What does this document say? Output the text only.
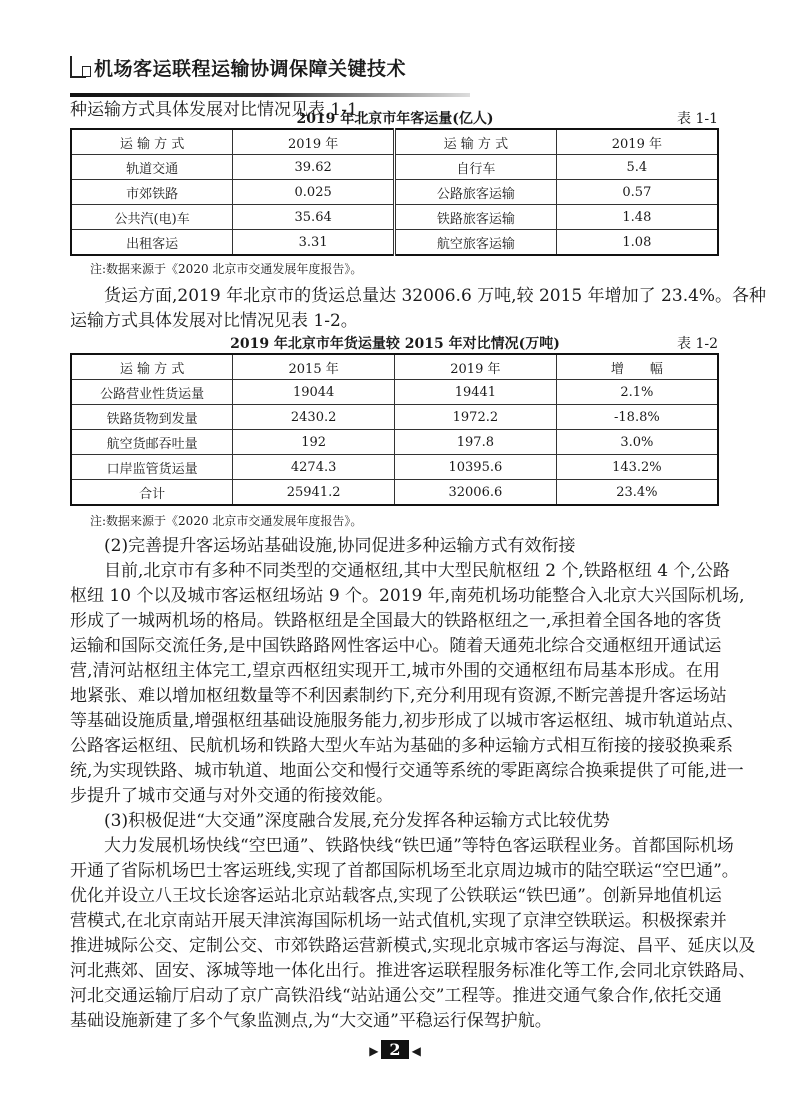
机场客运联程运输协调保障关键技术
种运输方式具体发展对比情况见表 1-1。
2019 年北京市年客运量(亿人)	表 1-1
运 输 方 式	2019 年	运 输 方 式	2019 年
轨道交通	39.62	自行车	5.4
市郊铁路	0.025	公路旅客运输	0.57
公共汽(电)车	35.64	铁路旅客运输	1.48
出租客运	3.31	航空旅客运输	1.08
注:数据来源于《2020 北京市交通发展年度报告》。
货运方面,2019 年北京市的货运总量达 32006.6 万吨,较 2015 年增加了 23.4%。各种
运输方式具体发展对比情况见表 1-2。
2019 年北京市年货运量较 2015 年对比情况(万吨)	表 1-2
运 输 方 式	2015 年	2019 年	增　　幅
公路营业性货运量	19044	19441	2.1%
铁路货物到发量	2430.2	1972.2	-18.8%
航空货邮吞吐量	192	197.8	3.0%
口岸监管货运量	4274.3	10395.6	143.2%
合计	25941.2	32006.6	23.4%
注:数据来源于《2020 北京市交通发展年度报告》。
(2)完善提升客运场站基础设施,协同促进多种运输方式有效衔接
目前,北京市有多种不同类型的交通枢纽,其中大型民航枢纽 2 个,铁路枢纽 4 个,公路
枢纽 10 个以及城市客运枢纽场站 9 个。2019 年,南苑机场功能整合入北京大兴国际机场,
形成了一城两机场的格局。铁路枢纽是全国最大的铁路枢纽之一,承担着全国各地的客货
运输和国际交流任务,是中国铁路路网性客运中心。随着天通苑北综合交通枢纽开通试运
营,清河站枢纽主体完工,望京西枢纽实现开工,城市外围的交通枢纽布局基本形成。在用
地紧张、难以增加枢纽数量等不利因素制约下,充分利用现有资源,不断完善提升客运场站
等基础设施质量,增强枢纽基础设施服务能力,初步形成了以城市客运枢纽、城市轨道站点、
公路客运枢纽、民航机场和铁路大型火车站为基础的多种运输方式相互衔接的接驳换乘系
统,为实现铁路、城市轨道、地面公交和慢行交通等系统的零距离综合换乘提供了可能,进一
步提升了城市交通与对外交通的衔接效能。
(3)积极促进“大交通”深度融合发展,充分发挥各种运输方式比较优势
大力发展机场快线“空巴通”、铁路快线“铁巴通”等特色客运联程业务。首都国际机场
开通了省际机场巴士客运班线,实现了首都国际机场至北京周边城市的陆空联运“空巴通”。
优化并设立八王坟长途客运站北京站载客点,实现了公铁联运“铁巴通”。创新异地值机运
营模式,在北京南站开展天津滨海国际机场一站式值机,实现了京津空铁联运。积极探索并
推进城际公交、定制公交、市郊铁路运营新模式,实现北京城市客运与海淀、昌平、延庆以及
河北燕郊、固安、涿城等地一体化出行。推进客运联程服务标准化等工作,会同北京铁路局、
河北交通运输厅启动了京广高铁沿线“站站通公交”工程等。推进交通气象合作,依托交通
基础设施新建了多个气象监测点,为“大交通”平稳运行保驾护航。
▶ 2 ◀
